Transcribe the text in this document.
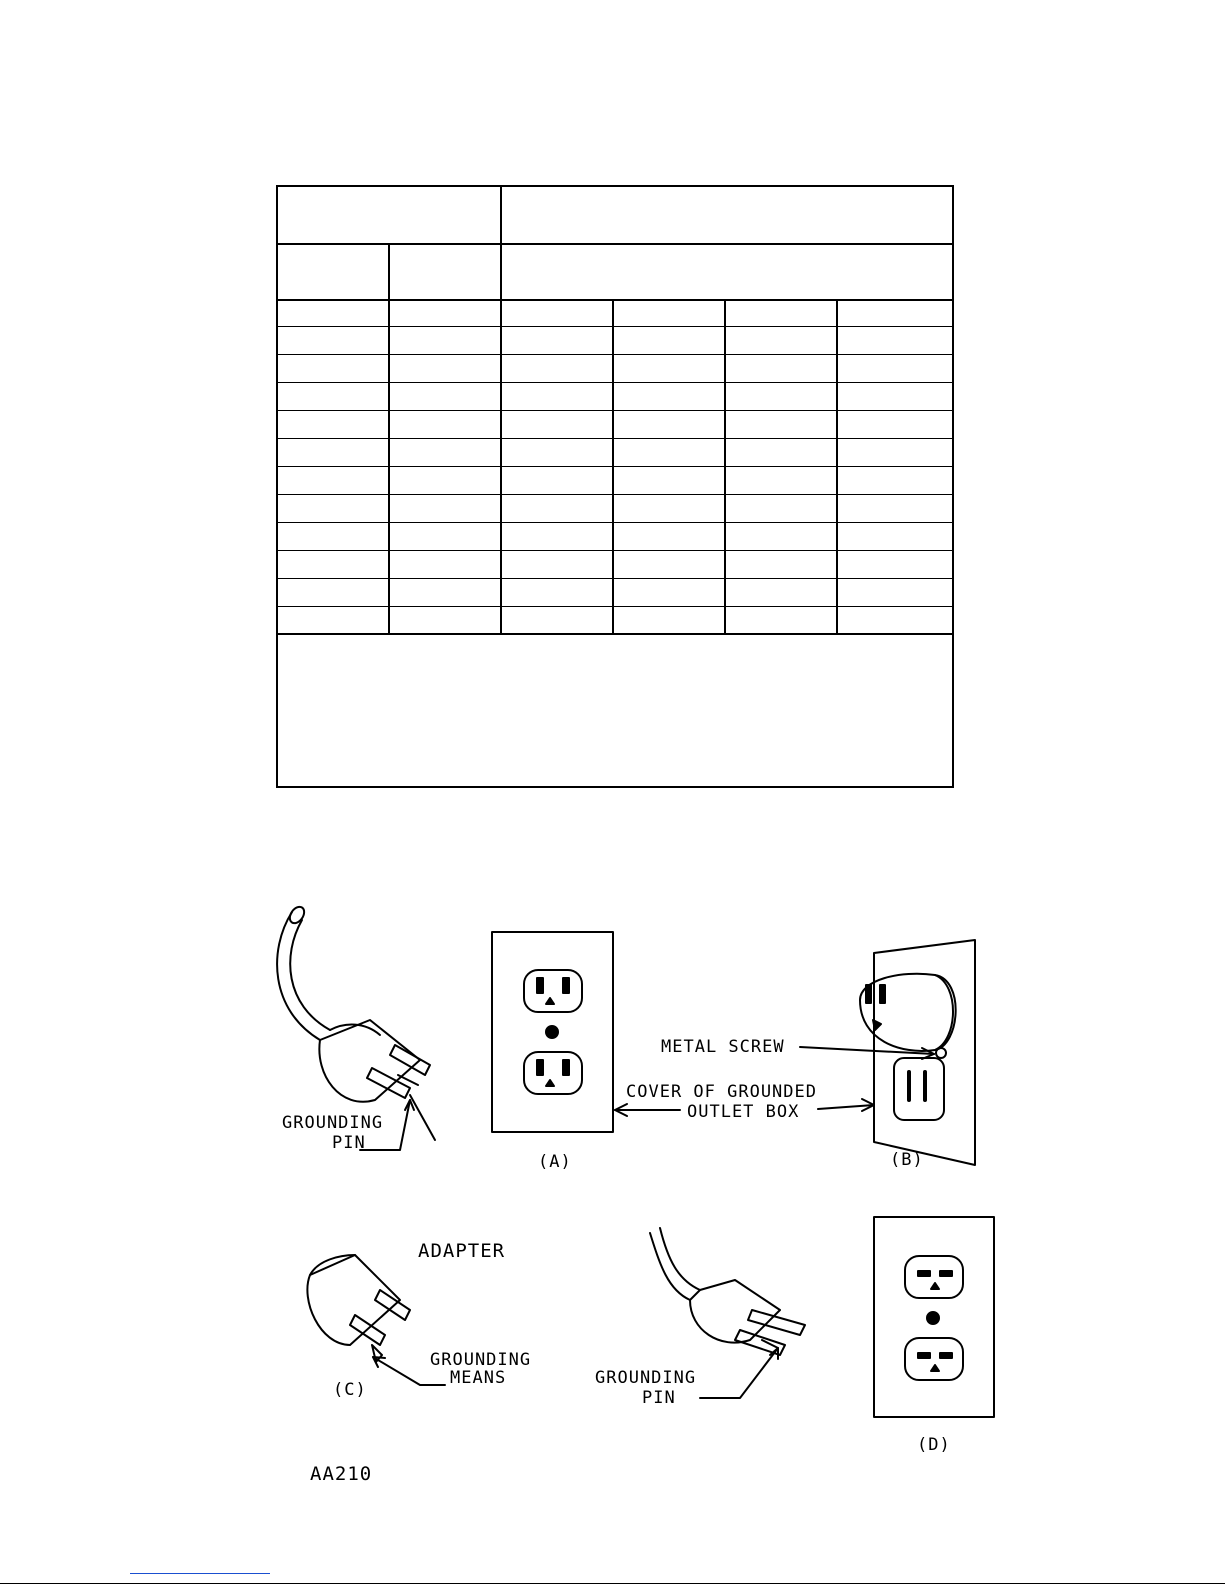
GROUNDING
PIN
METAL SCREW
COVER OF GROUNDED
OUTLET BOX
(A)	(B)
ADAPTER
GROUNDING
MEANS
(C)
GROUNDING
PIN
(D)
AA210
